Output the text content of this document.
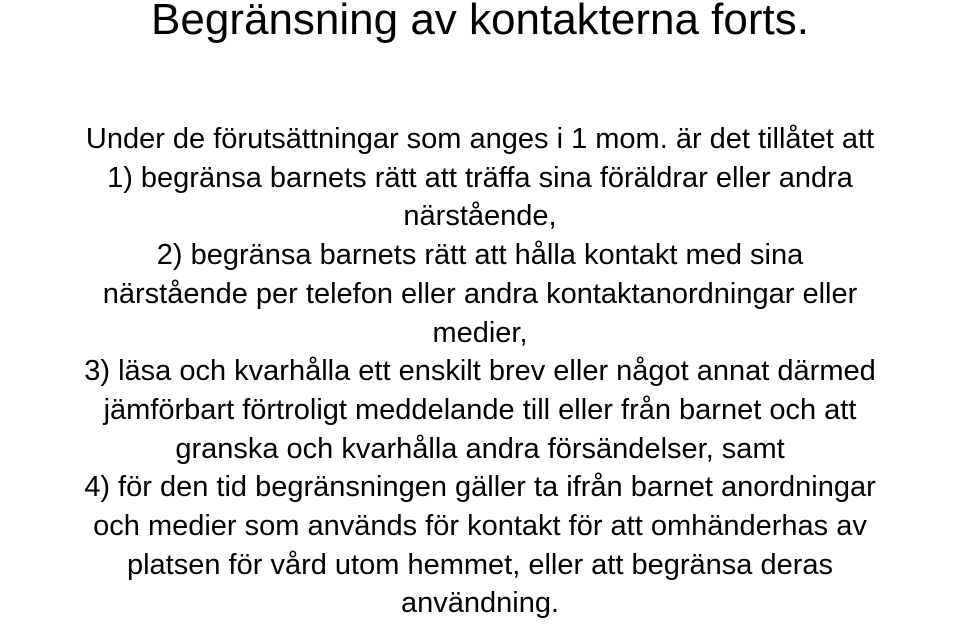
Begränsning av kontakterna forts.
Under de förutsättningar som anges i 1 mom. är det tillåtet att
1) begränsa barnets rätt att träffa sina föräldrar eller andra
närstående,
2) begränsa barnets rätt att hålla kontakt med sina
närstående per telefon eller andra kontaktanordningar eller
medier,
3) läsa och kvarhålla ett enskilt brev eller något annat därmed
jämförbart förtroligt meddelande till eller från barnet och att
granska och kvarhålla andra försändelser, samt
4) för den tid begränsningen gäller ta ifrån barnet anordningar
och medier som används för kontakt för att omhänderhas av
platsen för vård utom hemmet, eller att begränsa deras
användning.
